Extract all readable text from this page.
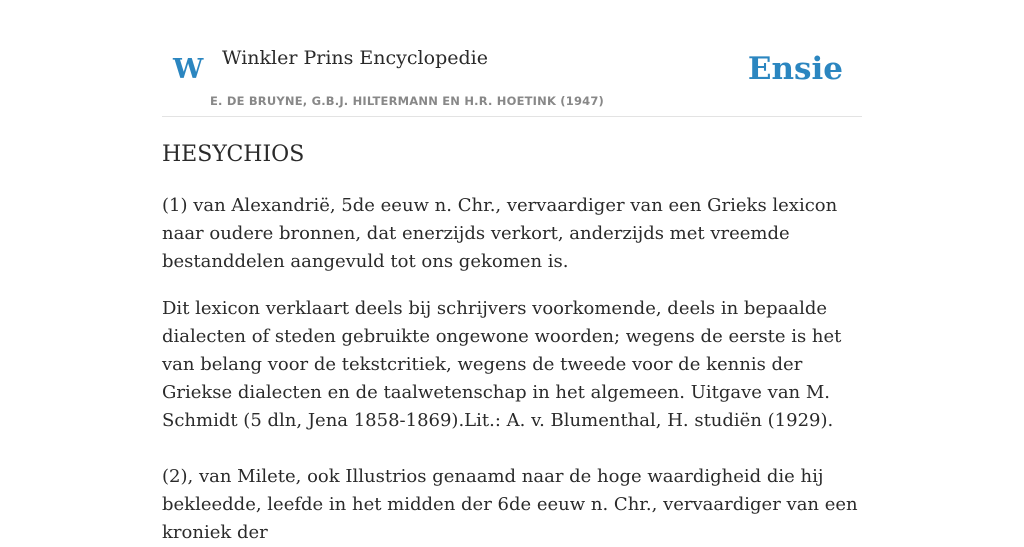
W Winkler Prins Encyclopedie
E. DE BRUYNE, G.B.J. HILTERMANN EN H.R. HOETINK (1947)
Ensie
HESYCHIOS

(1) van Alexandrië, 5de eeuw n. Chr., vervaardiger van een Grieks lexicon naar oudere bronnen, dat enerzijds verkort, anderzijds met vreemde bestanddelen aangevuld tot ons gekomen is.

Dit lexicon verklaart deels bij schrijvers voorkomende, deels in bepaalde dialecten of steden gebruikte ongewone woorden; wegens de eerste is het van belang voor de tekstcritiek, wegens de tweede voor de kennis der Griekse dialecten en de taalwetenschap in het algemeen. Uitgave van M. Schmidt (5 dln, Jena 1858-1869).Lit.: A. v. Blumenthal, H. studiën (1929).

(2), van Milete, ook Illustrios genaamd naar de hoge waardigheid die hij bekleedde, leefde in het midden der 6de eeuw n. Chr., vervaardiger van een kroniek der
